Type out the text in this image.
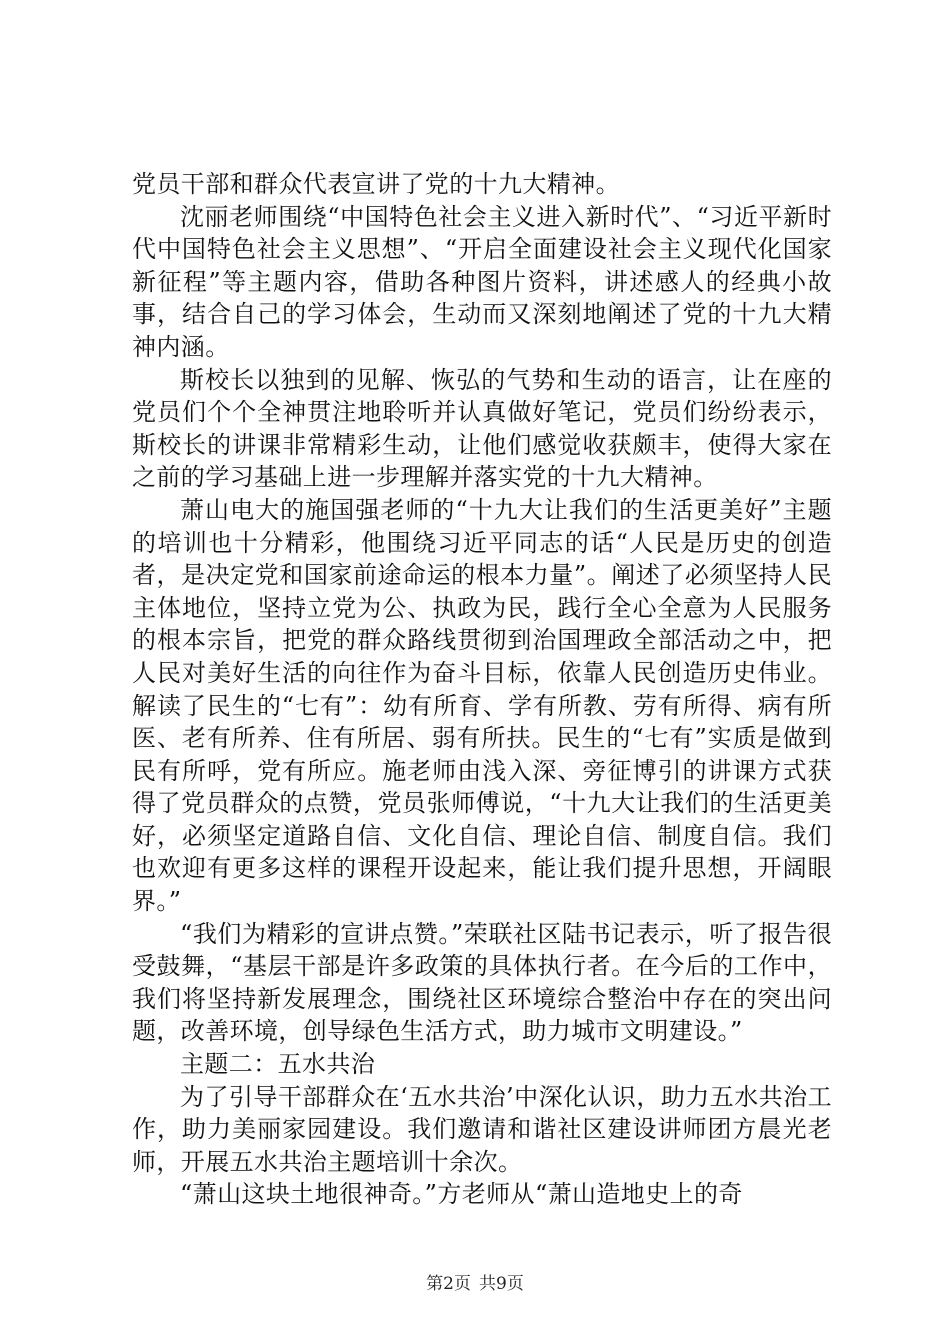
党员干部和群众代表宣讲了党的十九大精神。

沈丽老师围绕“中国特色社会主义进入新时代”、“习近平新时代中国特色社会主义思想”、“开启全面建设社会主义现代化国家新征程”等主题内容，借助各种图片资料，讲述感人的经典小故事，结合自己的学习体会，生动而又深刻地阐述了党的十九大精神内涵。

斯校长以独到的见解、恢弘的气势和生动的语言，让在座的党员们个个全神贯注地聆听并认真做好笔记，党员们纷纷表示，斯校长的讲课非常精彩生动，让他们感觉收获颇丰，使得大家在之前的学习基础上进一步理解并落实党的十九大精神。

萧山电大的施国强老师的“十九大让我们的生活更美好”主题的培训也十分精彩，他围绕习近平同志的话“人民是历史的创造者，是决定党和国家前途命运的根本力量”。阐述了必须坚持人民主体地位，坚持立党为公、执政为民，践行全心全意为人民服务的根本宗旨，把党的群众路线贯彻到治国理政全部活动之中，把人民对美好生活的向往作为奋斗目标，依靠人民创造历史伟业。解读了民生的“七有”：幼有所育、学有所教、劳有所得、病有所医、老有所养、住有所居、弱有所扶。民生的“七有”实质是做到民有所呼，党有所应。施老师由浅入深、旁征博引的讲课方式获得了党员群众的点赞，党员张师傅说，“十九大让我们的生活更美好，必须坚定道路自信、文化自信、理论自信、制度自信。我们也欢迎有更多这样的课程开设起来，能让我们提升思想，开阔眼界。”

“我们为精彩的宣讲点赞。”荣联社区陆书记表示，听了报告很受鼓舞，“基层干部是许多政策的具体执行者。在今后的工作中，我们将坚持新发展理念，围绕社区环境综合整治中存在的突出问题，改善环境，创导绿色生活方式，助力城市文明建设。”

主题二：五水共治

为了引导干部群众在‘五水共治’中深化认识，助力五水共治工作，助力美丽家园建设。我们邀请和谐社区建设讲师团方晨光老师，开展五水共治主题培训十余次。

“萧山这块土地很神奇。”方老师从“萧山造地史上的奇

第2页 共9页
